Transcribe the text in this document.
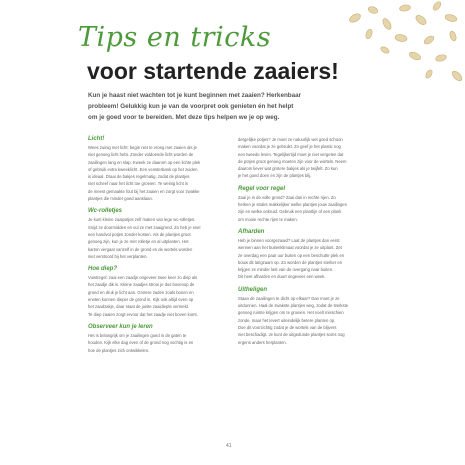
Tips en tricks
voor startende zaaiers!
Kun je haast niet wachten tot je kunt beginnen met zaaien? Herkenbaar
probleem! Gelukkig kun je van de voorpret ook genieten én het helpt
om je goed voor te bereiden. Met deze tips helpen we je op weg.
Licht!
Wees zuinig met licht: begin niet te vroeg met zaaien als je
niet genoeg licht hebt. Zonder voldoende licht worden de
zaailingen lang en slap. Kweek ze daarom op een lichte plek
of gebruik extra kweeklicht. Een vensterbank op het zuiden
is ideaal. Draai de bakjes regelmatig, zodat de plantjes
niet scheef naar het licht toe groeien. Te weinig licht is
de meest gemaakte fout bij het zaaien en zorgt voor zwakke
plantjes die minder goed aanslaan.
Wc-rolletjes
Je kunt kleine zaaipotjes zelf maken van lege wc-rolletjes.
Snijd ze doormidden en vul ze met zaaigrond. Zo heb je snel
een handvol potjes zonder kosten. Als de plantjes groot
genoeg zijn, kun je ze met rolletje en al uitplanten. Het
karton vergaat vanzelf in de grond en de wortels worden
niet verstoord bij het verplanten.
Hoe diep?
Vuistregel: zaai een zaadje ongeveer twee keer zo diep als
het zaadje dik is. Kleine zaadjes strooi je dus bovenop de
grond en druk je licht aan. Grotere zaden zoals bonen en
erwten kunnen dieper de grond in. Kijk ook altijd even op
het zaadzakje, daar staat de juiste zaaidiepte vermeld.
Te diep zaaien zorgt ervoor dat het zaadje niet boven komt.
Observeer kun je leren
Het is belangrijk om je zaailingen goed in de gaten te
houden. Kijk elke dag even of de grond nog vochtig is en
hoe de plantjes zich ontwikkelen.
dergelijke potjes? Je moet ze natuurlijk wel goed schoon
maken voordat je ze gebruikt. Zo geef je het plastic nog
een tweede leven. Tegelijkertijd moet je niet vergeten dat
de potjes groot genoeg moeten zijn voor de wortels. Neem
daarom liever wat grotere bakjes als je twijfelt. Zo kun
je het goed doen en zijn de plantjes blij.
Regel voor regel
Zaai je in de volle grond? Zaai dan in rechte rijen. Zo
herken je straks makkelijker welke plantjes jouw zaailingen
zijn en welke onkruid. Gebruik een plantlijn of een plank
om mooie rechte rijen te maken.
Afharden
Heb je binnen voorgezaaid? Laat de plantjes dan eerst
wennen aan het buitenklimaat voordat je ze uitplant. Zet
ze overdag een paar uur buiten op een beschutte plek en
bouw dit langzaam op. Zo worden de plantjes sterker en
krijgen ze minder last van de overgang naar buiten.
Dit heet afharden en duurt ongeveer een week.
Uitheligen
Staan de zaailingen te dicht op elkaar? Dan moet je ze
uitdunnen. Haal de zwakste plantjes weg, zodat de sterkste
genoeg ruimte krijgen om te groeien. Het voelt misschien
zonde, maar het levert uiteindelijk betere planten op.
Doe dit voorzichtig zodat je de wortels van de blijvers
niet beschadigt. Je kunt de uitgedunde plantjes soms nog
ergens anders herplanten.
41
